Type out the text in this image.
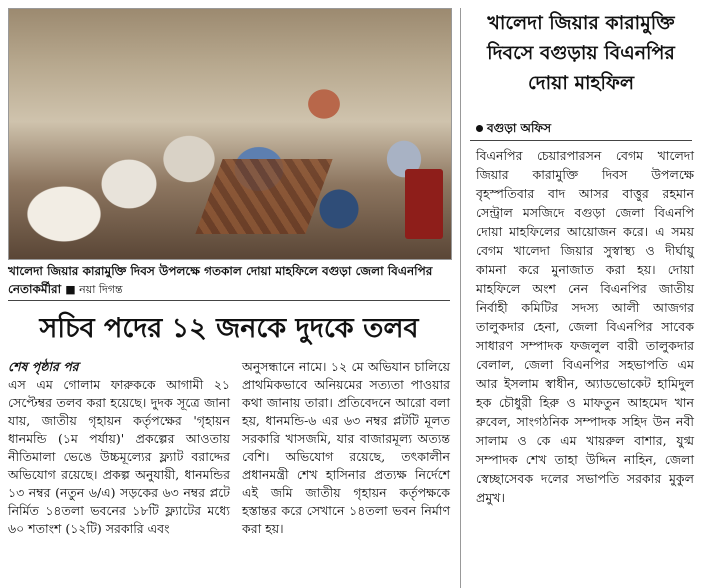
খালেদা জিয়ার কারামুক্তি দিবস উপলক্ষে গতকাল দোয়া মাহফিলে বগুড়া জেলা বিএনপির নেতাকর্মীরা ■ নয়া দিগন্ত
সচিব পদের ১২ জনকে দুদকে তলব

শেষ পৃষ্ঠার পর

এস এম গোলাম ফারুককে আগামী ২১ সেপ্টেম্বর তলব করা হয়েছে। দুদক সূত্রে জানা যায়, জাতীয় গৃহায়ন কর্তৃপক্ষের 'গৃহায়ন ধানমন্ডি (১ম পর্যায়)' প্রকল্পের আওতায় নীতিমালা ভেঙে উচ্চমূল্যের ফ্ল্যাট বরাদ্দের অভিযোগ রয়েছে। প্রকল্প অনুযায়ী, ধানমন্ডির ১৩ নম্বর (নতুন ৬/এ) সড়কের ৬৩ নম্বর প্লটে নির্মিত ১৪তলা ভবনের ১৮টি ফ্ল্যাটের মধ্যে ৬০ শতাংশ (১২টি) সরকারি এবং

অনুসন্ধানে নামে। ১২ মে অভিযান চালিয়ে প্রাথমিকভাবে অনিয়মের সত্যতা পাওয়ার কথা জানায় তারা। প্রতিবেদনে আরো বলা হয়, ধানমন্ডি-৬ এর ৬৩ নম্বর প্লটটি মূলত সরকারি খাসজমি, যার বাজারমূল্য অত্যন্ত বেশি। অভিযোগ রয়েছে, তৎকালীন প্রধানমন্ত্রী শেখ হাসিনার প্রত্যক্ষ নির্দেশে এই জমি জাতীয় গৃহায়ন কর্তৃপক্ষকে হস্তান্তর করে সেখানে ১৪তলা ভবন নির্মাণ করা হয়।

খালেদা জিয়ার কারামুক্তি দিবসে বগুড়ায় বিএনপির দোয়া মাহফিল
বগুড়া অফিস

বিএনপির চেয়ারপারসন বেগম খালেদা জিয়ার কারামুক্তি দিবস উপলক্ষে বৃহস্পতিবার বাদ আসর বাত্তুর রহমান সেন্ট্রাল মসজিদে বগুড়া জেলা বিএনপি দোয়া মাহফিলের আয়োজন করে। এ সময় বেগম খালেদা জিয়ার সুস্বাস্থ্য ও দীর্ঘায়ু কামনা করে মুনাজাত করা হয়। দোয়া মাহফিলে অংশ নেন বিএনপির জাতীয় নির্বাহী কমিটির সদস্য আলী আজগর তালুকদার হেনা, জেলা বিএনপির সাবেক সাধারণ সম্পাদক ফজলুল বারী তালুকদার বেলাল, জেলা বিএনপির সহভাপতি এম আর ইসলাম স্বাধীন, অ্যাডভোকেট হামিদুল হক চৌধুরী হিরু ও মাফতুন আহমেদ খান রুবেল, সাংগঠনিক সম্পাদক সহিদ উন নবী সালাম ও কে এম খায়রুল বাশার, যুগ্ম সম্পাদক শেখ তাহা উদ্দিন নাহিন, জেলা স্বেচ্ছাসেবক দলের সভাপতি সরকার মুকুল প্রমুখ।
